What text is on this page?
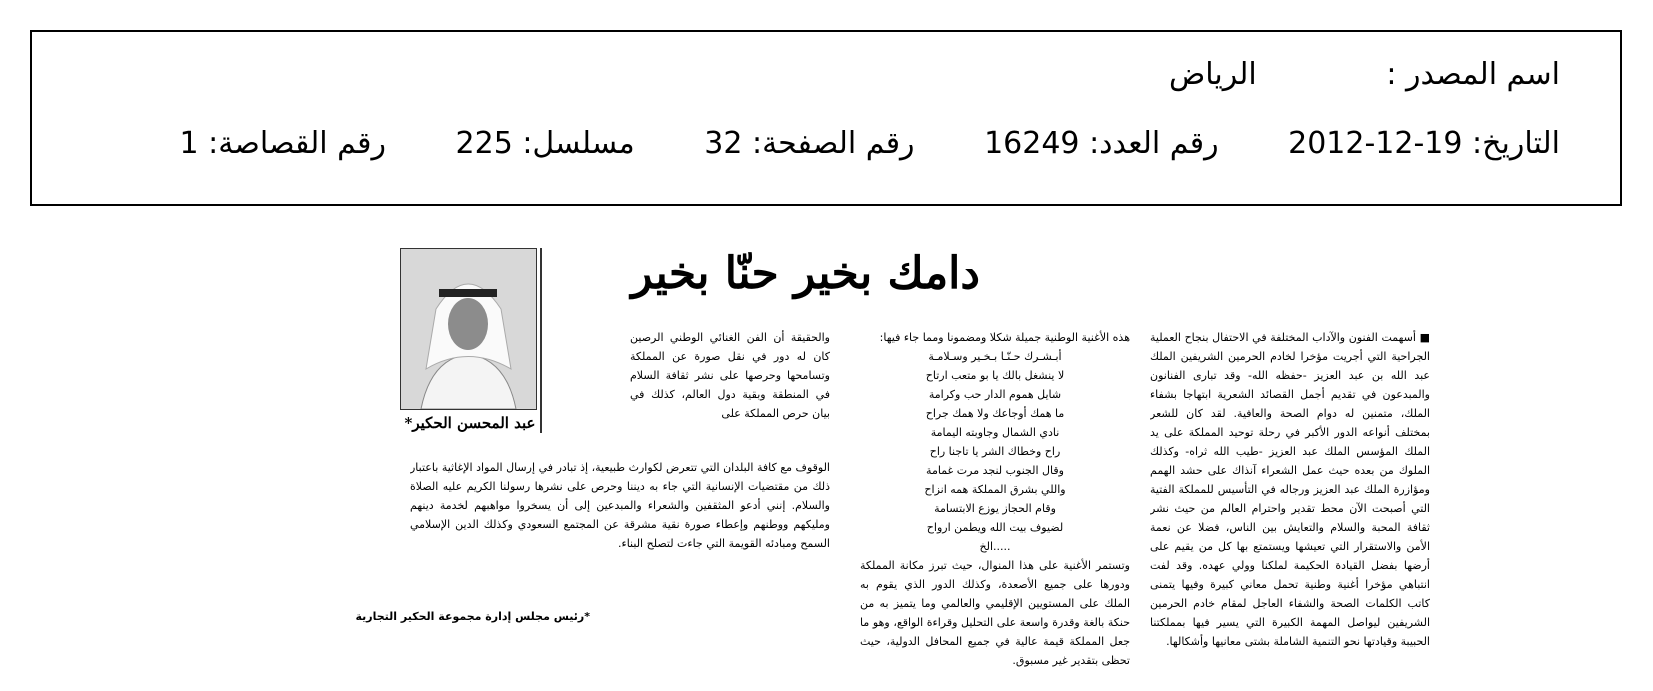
اسم المصدر : الرياض
التاريخ: 2012-12-19 رقم العدد: 16249 رقم الصفحة: 32 مسلسل: 225 رقم القصاصة: 1
دامك بخير حنّا بخير
■ أسهمت الفنون والآداب المختلفة في الاحتفال بنجاح العملية الجراحية التي أجريت مؤخرا لخادم الحرمين الشريفين الملك عبد الله بن عبد العزيز -حفظه الله- وقد تبارى الفنانون والمبدعون في تقديم أجمل القصائد الشعرية ابتهاجا بشفاء الملك، متمنين له دوام الصحة والعافية. لقد كان للشعر بمختلف أنواعه الدور الأكبر في رحلة توحيد المملكة على يد الملك المؤسس الملك عبد العزيز -طيب الله ثراه- وكذلك الملوك من بعده حيث عمل الشعراء آنذاك على حشد الهمم ومؤازرة الملك عبد العزيز ورجاله في التأسيس للمملكة الفتية التي أصبحت الآن محط تقدير واحترام العالم من حيث نشر ثقافة المحبة والسلام والتعايش بين الناس، فضلا عن نعمة الأمن والاستقرار التي تعيشها ويستمتع بها كل من يقيم على أرضها بفضل القيادة الحكيمة لملكنا وولي عهده. وقد لفت انتباهي مؤخرا أغنية وطنية تحمل معاني كبيرة وفيها يتمنى كاتب الكلمات الصحة والشفاء العاجل لمقام خادم الحرمين الشريفين ليواصل المهمة الكبيرة التي يسير فيها بمملكتنا الحبيبة وقيادتها نحو التنمية الشاملة بشتى معانيها وأشكالها.
هذه الأغنية الوطنية جميلة شكلا ومضمونا ومما جاء فيها:
أبـشـرك حـنّـا بـخـير وسـلامـة
لا ينشغل بالك يا بو متعب ارتاح
شايل هموم الدار حب وكرامة
ما همك أوجاعك ولا همك جراح
نادي الشمال وجاوبته اليمامة
راح وخطاك الشر يا تاجنا راح
وقال الجنوب لنجد مرت غمامة
واللي بشرق المملكة همه انزاح
وقام الحجاز يوزع الابتسامة
لضيوف بيت الله ويطمن ارواح
.....الخ
وتستمر الأغنية على هذا المنوال، حيث تبرز مكانة المملكة ودورها على جميع الأصعدة، وكذلك الدور الذي يقوم به الملك على المستويين الإقليمي والعالمي وما يتميز به من حنكة بالغة وقدرة واسعة على التحليل وقراءة الواقع، وهو ما جعل المملكة قيمة عالية في جميع المحافل الدولية، حيث تحظى بتقدير غير مسبوق.
والحقيقة أن الفن الغنائي الوطني الرصين كان له دور في نقل صورة عن المملكة وتسامحها وحرصها على نشر ثقافة السلام في المنطقة وبقية دول العالم، كذلك في بيان حرص المملكة على
الوقوف مع كافة البلدان التي تتعرض لكوارث طبيعية، إذ تبادر في إرسال المواد الإغاثية باعتبار ذلك من مقتضيات الإنسانية التي جاء به ديننا وحرص على نشرها رسولنا الكريم عليه الصلاة والسلام. إنني أدعو المثقفين والشعراء والمبدعين إلى أن يسخروا مواهبهم لخدمة دينهم ومليكهم ووطنهم وإعطاء صورة نقية مشرقة عن المجتمع السعودي وكذلك الدين الإسلامي السمح ومبادئه القويمة التي جاءت لتصلح البناء.
عبد المحسن الحكير*
*رئيس مجلس إدارة مجموعة الحكير التجارية
